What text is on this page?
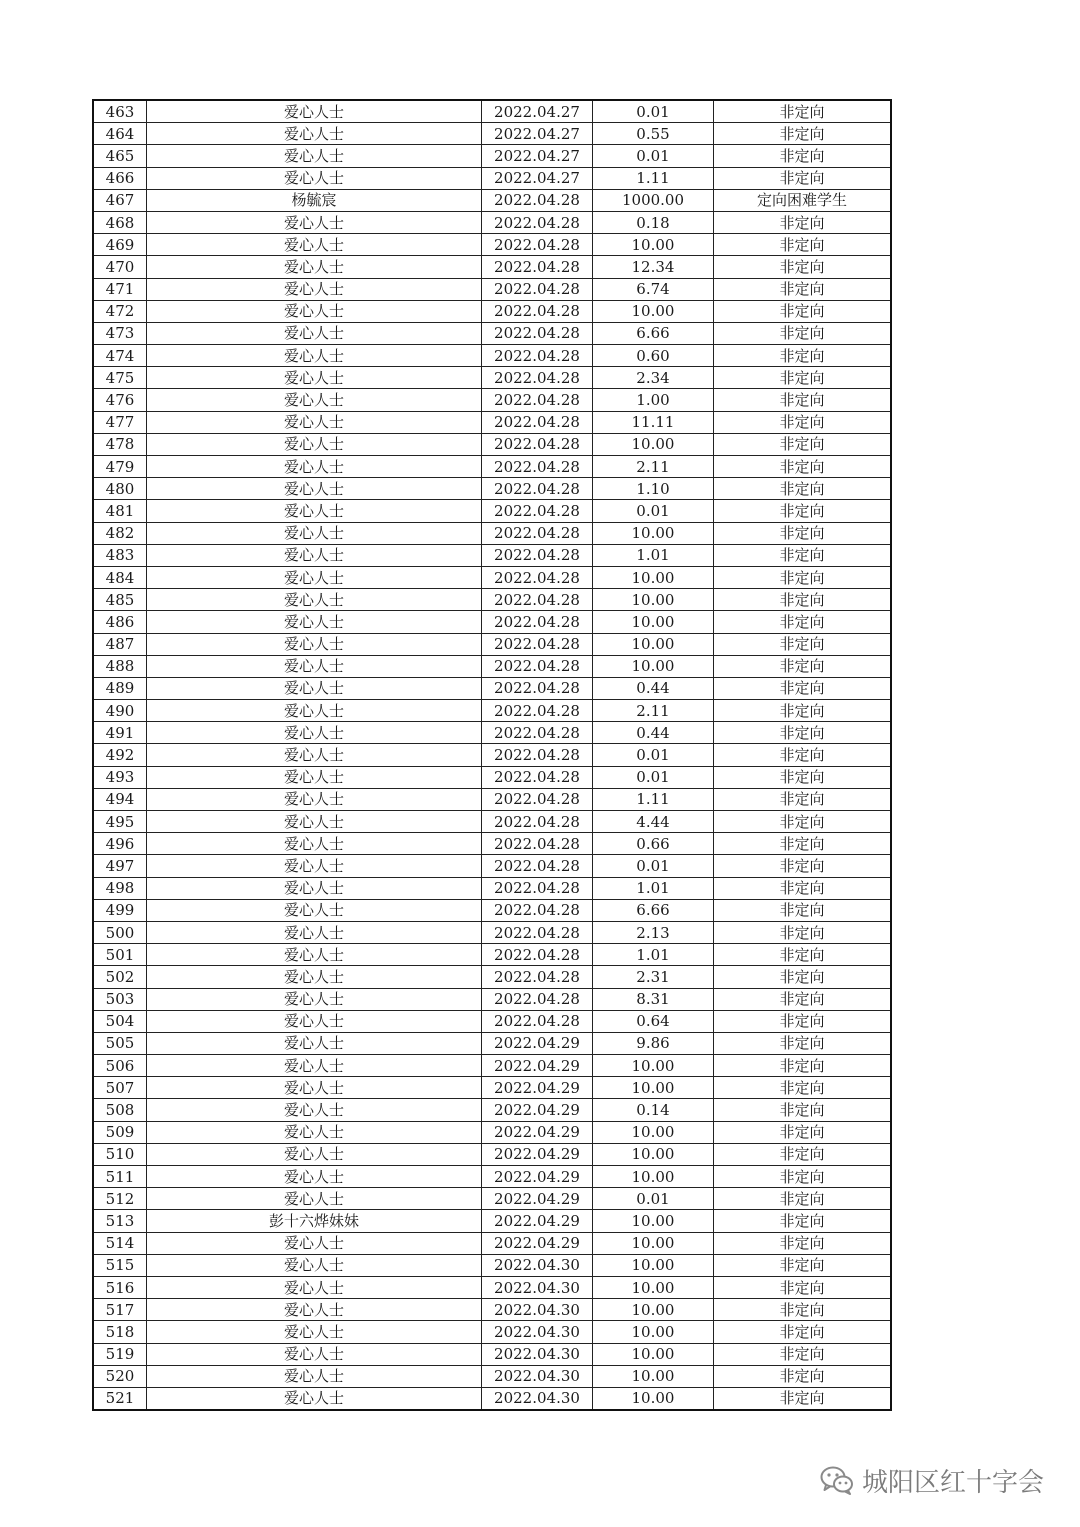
463	爱心人士	2022.04.27	0.01	非定向
464	爱心人士	2022.04.27	0.55	非定向
465	爱心人士	2022.04.27	0.01	非定向
466	爱心人士	2022.04.27	1.11	非定向
467	杨毓宸	2022.04.28	1000.00	定向困难学生
468	爱心人士	2022.04.28	0.18	非定向
469	爱心人士	2022.04.28	10.00	非定向
470	爱心人士	2022.04.28	12.34	非定向
471	爱心人士	2022.04.28	6.74	非定向
472	爱心人士	2022.04.28	10.00	非定向
473	爱心人士	2022.04.28	6.66	非定向
474	爱心人士	2022.04.28	0.60	非定向
475	爱心人士	2022.04.28	2.34	非定向
476	爱心人士	2022.04.28	1.00	非定向
477	爱心人士	2022.04.28	11.11	非定向
478	爱心人士	2022.04.28	10.00	非定向
479	爱心人士	2022.04.28	2.11	非定向
480	爱心人士	2022.04.28	1.10	非定向
481	爱心人士	2022.04.28	0.01	非定向
482	爱心人士	2022.04.28	10.00	非定向
483	爱心人士	2022.04.28	1.01	非定向
484	爱心人士	2022.04.28	10.00	非定向
485	爱心人士	2022.04.28	10.00	非定向
486	爱心人士	2022.04.28	10.00	非定向
487	爱心人士	2022.04.28	10.00	非定向
488	爱心人士	2022.04.28	10.00	非定向
489	爱心人士	2022.04.28	0.44	非定向
490	爱心人士	2022.04.28	2.11	非定向
491	爱心人士	2022.04.28	0.44	非定向
492	爱心人士	2022.04.28	0.01	非定向
493	爱心人士	2022.04.28	0.01	非定向
494	爱心人士	2022.04.28	1.11	非定向
495	爱心人士	2022.04.28	4.44	非定向
496	爱心人士	2022.04.28	0.66	非定向
497	爱心人士	2022.04.28	0.01	非定向
498	爱心人士	2022.04.28	1.01	非定向
499	爱心人士	2022.04.28	6.66	非定向
500	爱心人士	2022.04.28	2.13	非定向
501	爱心人士	2022.04.28	1.01	非定向
502	爱心人士	2022.04.28	2.31	非定向
503	爱心人士	2022.04.28	8.31	非定向
504	爱心人士	2022.04.28	0.64	非定向
505	爱心人士	2022.04.29	9.86	非定向
506	爱心人士	2022.04.29	10.00	非定向
507	爱心人士	2022.04.29	10.00	非定向
508	爱心人士	2022.04.29	0.14	非定向
509	爱心人士	2022.04.29	10.00	非定向
510	爱心人士	2022.04.29	10.00	非定向
511	爱心人士	2022.04.29	10.00	非定向
512	爱心人士	2022.04.29	0.01	非定向
513	彭十六烨妹妹	2022.04.29	10.00	非定向
514	爱心人士	2022.04.29	10.00	非定向
515	爱心人士	2022.04.30	10.00	非定向
516	爱心人士	2022.04.30	10.00	非定向
517	爱心人士	2022.04.30	10.00	非定向
518	爱心人士	2022.04.30	10.00	非定向
519	爱心人士	2022.04.30	10.00	非定向
520	爱心人士	2022.04.30	10.00	非定向
521	爱心人士	2022.04.30	10.00	非定向
城阳区红十字会
